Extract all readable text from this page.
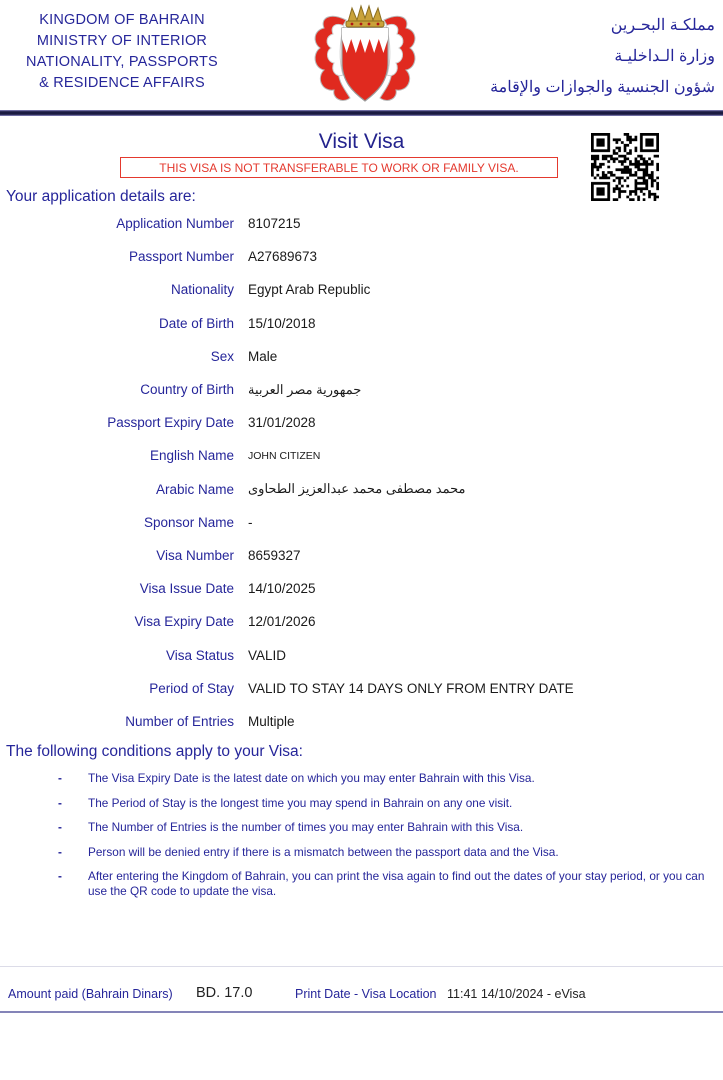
KINGDOM OF BAHRAIN
MINISTRY OF INTERIOR
NATIONALITY, PASSPORTS
& RESIDENCE AFFAIRS
مملكـة البحـرين
وزارة الـداخليـة
شؤون الجنسية والجوازات والإقامة
Visit Visa
THIS VISA IS NOT TRANSFERABLE TO WORK OR FAMILY VISA.
Your application details are:
Application Number 8107215
Passport Number A27689673
Nationality Egypt Arab Republic
Date of Birth 15/10/2018
Sex Male
Country of Birth جمهورية مصر العربية
Passport Expiry Date 31/01/2028
English Name JOHN CITIZEN
Arabic Name محمد مصطفى محمد عبدالعزيز الطحاوى
Sponsor Name -
Visa Number 8659327
Visa Issue Date 14/10/2025
Visa Expiry Date 12/01/2026
Visa Status VALID
Period of Stay VALID TO STAY 14 DAYS ONLY FROM ENTRY DATE
Number of Entries Multiple
The following conditions apply to your Visa:
- The Visa Expiry Date is the latest date on which you may enter Bahrain with this Visa.
- The Period of Stay is the longest time you may spend in Bahrain on any one visit.
- The Number of Entries is the number of times you may enter Bahrain with this Visa.
- Person will be denied entry if there is a mismatch between the passport data and the Visa.
- After entering the Kingdom of Bahrain, you can print the visa again to find out the dates of your stay period, or you can use the QR code to update the visa.
Amount paid (Bahrain Dinars) BD. 17.0	Print Date - Visa Location 11:41 14/10/2024 - eVisa
